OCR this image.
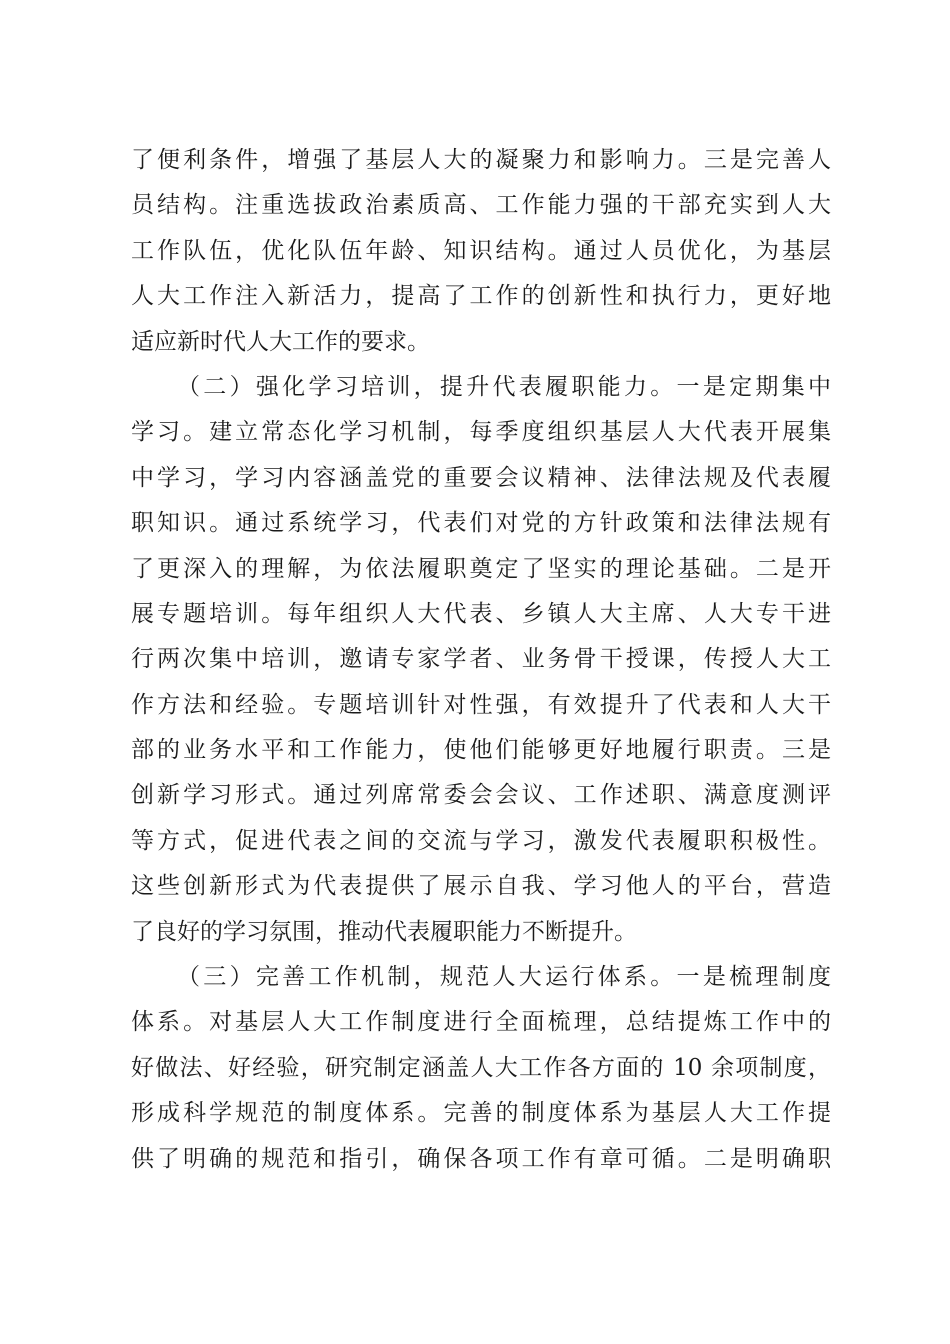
了便利条件，增强了基层人大的凝聚力和影响力。三是完善人
员结构。注重选拔政治素质高、工作能力强的干部充实到人大
工作队伍，优化队伍年龄、知识结构。通过人员优化，为基层
人大工作注入新活力，提高了工作的创新性和执行力，更好地
适应新时代人大工作的要求。
（二）强化学习培训，提升代表履职能力。一是定期集中
学习。建立常态化学习机制，每季度组织基层人大代表开展集
中学习，学习内容涵盖党的重要会议精神、法律法规及代表履
职知识。通过系统学习，代表们对党的方针政策和法律法规有
了更深入的理解，为依法履职奠定了坚实的理论基础。二是开
展专题培训。每年组织人大代表、乡镇人大主席、人大专干进
行两次集中培训，邀请专家学者、业务骨干授课，传授人大工
作方法和经验。专题培训针对性强，有效提升了代表和人大干
部的业务水平和工作能力，使他们能够更好地履行职责。三是
创新学习形式。通过列席常委会会议、工作述职、满意度测评
等方式，促进代表之间的交流与学习，激发代表履职积极性。
这些创新形式为代表提供了展示自我、学习他人的平台，营造
了良好的学习氛围，推动代表履职能力不断提升。
（三）完善工作机制，规范人大运行体系。一是梳理制度
体系。对基层人大工作制度进行全面梳理，总结提炼工作中的
好做法、好经验，研究制定涵盖人大工作各方面的 10 余项制度，
形成科学规范的制度体系。完善的制度体系为基层人大工作提
供了明确的规范和指引，确保各项工作有章可循。二是明确职
